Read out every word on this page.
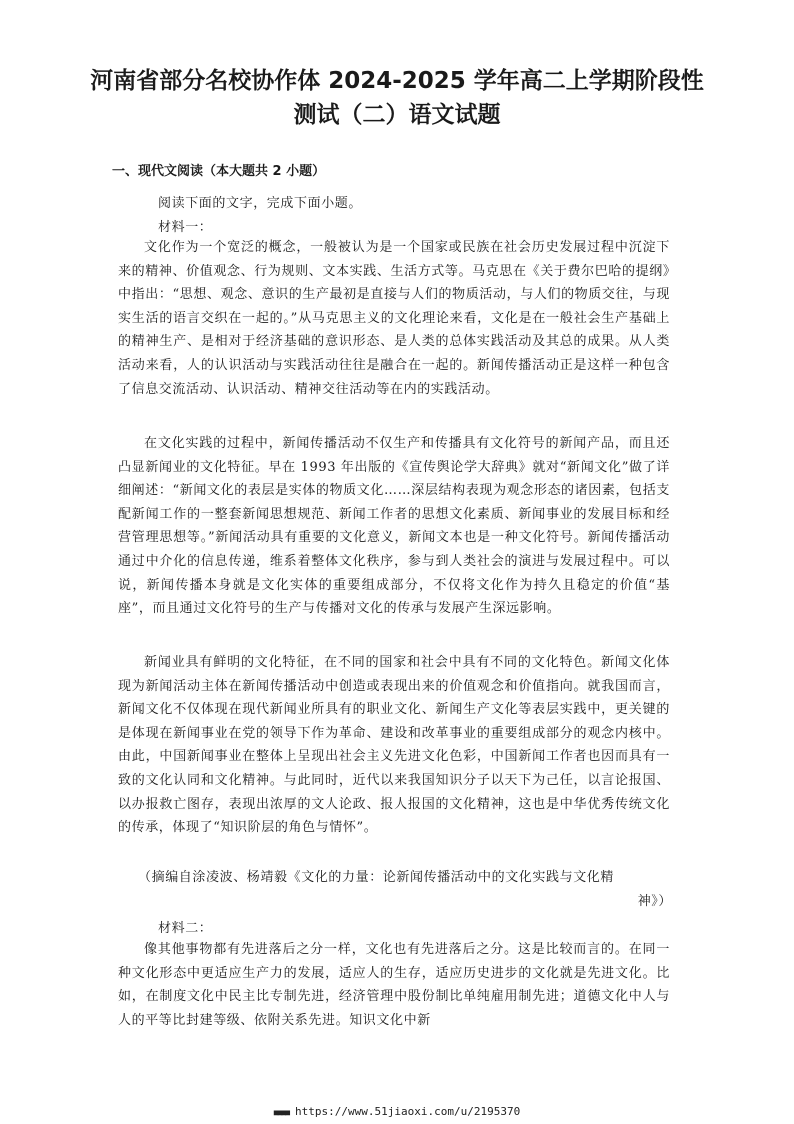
河南省部分名校协作体 2024-2025 学年高二上学期阶段性
测试（二）语文试题

一、现代文阅读（本大题共 2 小题）

阅读下面的文字，完成下面小题。

材料一：

文化作为一个宽泛的概念，一般被认为是一个国家或民族在社会历史发展过程中沉淀下来的精神、价值观念、行为规则、文本实践、生活方式等。马克思在《关于费尔巴哈的提纲》中指出：“思想、观念、意识的生产最初是直接与人们的物质活动，与人们的物质交往，与现实生活的语言交织在一起的。”从马克思主义的文化理论来看，文化是在一般社会生产基础上的精神生产、是相对于经济基础的意识形态、是人类的总体实践活动及其总的成果。从人类活动来看，人的认识活动与实践活动往往是融合在一起的。新闻传播活动正是这样一种包含了信息交流活动、认识活动、精神交往活动等在内的实践活动。

在文化实践的过程中，新闻传播活动不仅生产和传播具有文化符号的新闻产品，而且还凸显新闻业的文化特征。早在 1993 年出版的《宣传舆论学大辞典》就对“新闻文化”做了详细阐述：“新闻文化的表层是实体的物质文化……深层结构表现为观念形态的诸因素，包括支配新闻工作的一整套新闻思想规范、新闻工作者的思想文化素质、新闻事业的发展目标和经营管理思想等。”新闻活动具有重要的文化意义，新闻文本也是一种文化符号。新闻传播活动通过中介化的信息传递，维系着整体文化秩序，参与到人类社会的演进与发展过程中。可以说，新闻传播本身就是文化实体的重要组成部分，不仅将文化作为持久且稳定的价值“基座”，而且通过文化符号的生产与传播对文化的传承与发展产生深远影响。

新闻业具有鲜明的文化特征，在不同的国家和社会中具有不同的文化特色。新闻文化体现为新闻活动主体在新闻传播活动中创造或表现出来的价值观念和价值指向。就我国而言，新闻文化不仅体现在现代新闻业所具有的职业文化、新闻生产文化等表层实践中，更关键的是体现在新闻事业在党的领导下作为革命、建设和改革事业的重要组成部分的观念内核中。由此，中国新闻事业在整体上呈现出社会主义先进文化色彩，中国新闻工作者也因而具有一致的文化认同和文化精神。与此同时，近代以来我国知识分子以天下为己任，以言论报国、以办报救亡图存，表现出浓厚的文人论政、报人报国的文化精神，这也是中华优秀传统文化的传承，体现了“知识阶层的角色与情怀”。

（摘编自涂凌波、杨靖毅《文化的力量：论新闻传播活动中的文化实践与文化精

神》）

材料二：

像其他事物都有先进落后之分一样，文化也有先进落后之分。这是比较而言的。在同一种文化形态中更适应生产力的发展，适应人的生存，适应历史进步的文化就是先进文化。比如，在制度文化中民主比专制先进，经济管理中股份制比单纯雇用制先进；道德文化中人与人的平等比封建等级、依附关系先进。知识文化中新

■■■■ https://www.51jiaoxi.com/u/2195370
